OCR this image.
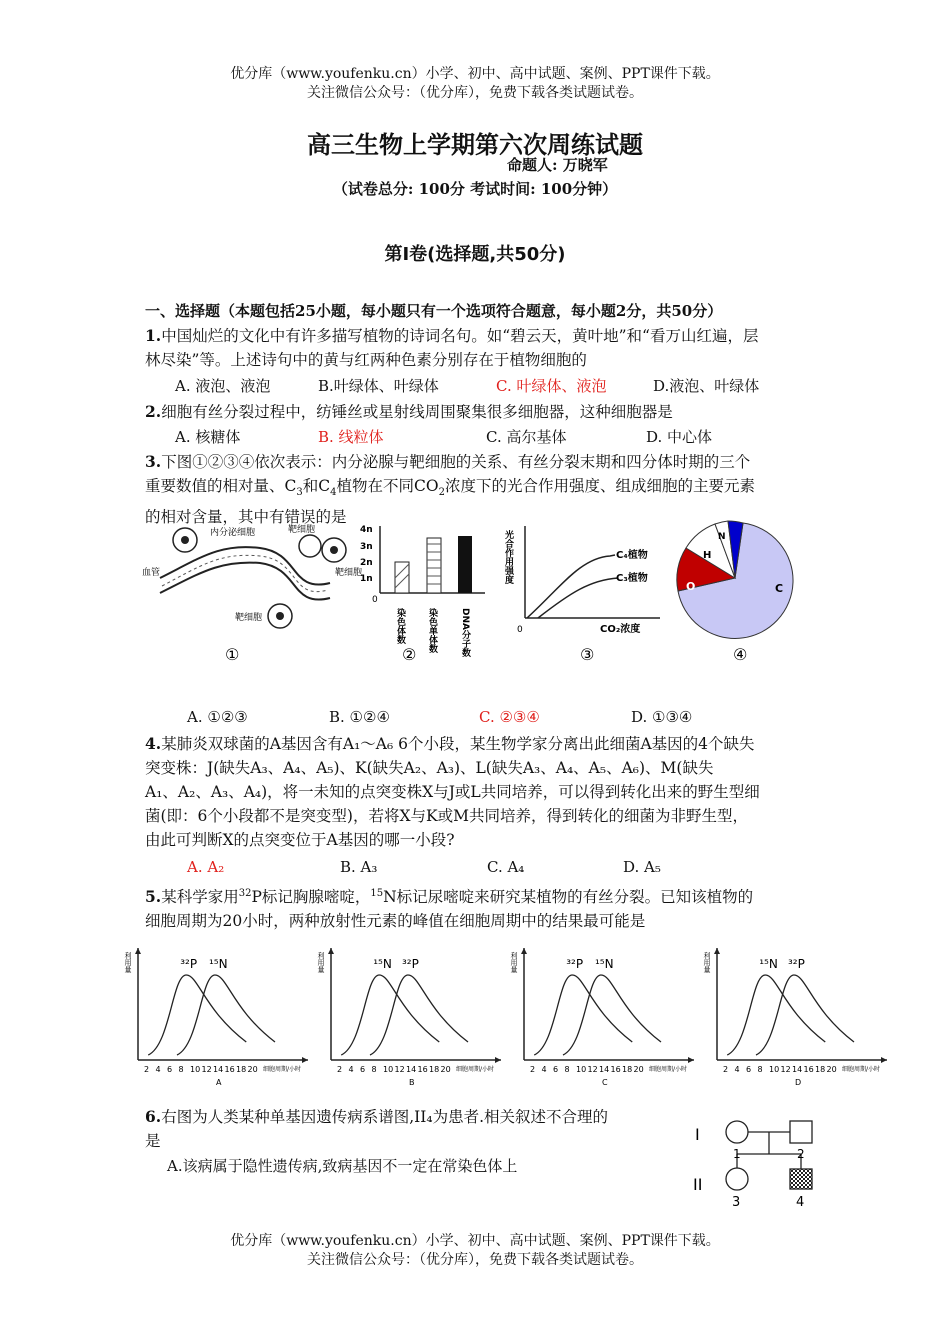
优分库（www.youfenku.cn）小学、初中、高中试题、案例、PPT课件下载。
关注微信公众号：（优分库），免费下载各类试题试卷。
高三生物上学期第六次周练试题
命题人: 万晓军
（试卷总分: 100分 考试时间: 100分钟）
第Ⅰ卷(选择题,共50分)
一、选择题（本题包括25小题，每小题只有一个选项符合题意，每小题2分，共50分）
1.中国灿烂的文化中有许多描写植物的诗词名句。如“碧云天，黄叶地”和“看万山红遍，层
林尽染”等。上述诗句中的黄与红两种色素分别存在于植物细胞的
A. 液泡、液泡	B.叶绿体、叶绿体	C. 叶绿体、液泡	D.液泡、叶绿体
2.细胞有丝分裂过程中，纺锤丝或星射线周围聚集很多细胞器，这种细胞器是
A. 核糖体	B. 线粒体	C. 高尔基体	D. 中心体
3.下图①②③④依次表示：内分泌腺与靶细胞的关系、有丝分裂末期和四分体时期的三个
重要数值的相对量、$C_3$和$C_4$植物在不同$CO_2$浓度下的光合作用强度、组成细胞的主要元素
的相对含量，其中有错误的是
内分泌细胞	靶细胞
靶细胞
血管
靶细胞
①
4n
3n
2n
1n
0
染色体数 染色单体数	DNA分子数
②
光合作用强度
CO₂浓度
0
C₄植物
C₃植物
③
C
O
H
N
④
A. ①②③	B. ①②④	C. ②③④	D. ①③④
4.某肺炎双球菌的A基因含有A₁～A₆ 6个小段，某生物学家分离出此细菌A基因的4个缺失
突变株：J(缺失A₃、A₄、A₅)、K(缺失A₂、A₃)、L(缺失A₃、A₄、A₅、A₆)、M(缺失
A₁、A₂、A₃、A₄)，将一未知的点突变株X与J或L共同培养，可以得到转化出来的野生型细
菌(即：6个小段都不是突变型)，若将X与K或M共同培养，得到转化的细菌为非野生型，
由此可判断X的点突变位于A基因的哪一小段?
A. A₂	B. A₃	C. A₄	D. A₅
5.某科学家用$^{32}$P标记胸腺嘧啶，$^{15}$N标记尿嘧啶来研究某植物的有丝分裂。已知该植物的
细胞周期为20小时，两种放射性元素的峰值在细胞周期中的结果最可能是
利用量
2 4 6 8 10 12 14 16 18 20 细胞周期/小时
A
³²P ¹⁵N	利用量
2 4 6 8 10 12 14 16 18 20 细胞周期/小时
B
¹⁵N ³²P	利用量
2 4 6 8 10 12 14 16 18 20 细胞周期/小时
C
³²P ¹⁵N	利用量
2 4 6 8 10 12 14 16 18 20 细胞周期/小时
D
¹⁵N ³²P
6.右图为人类某种单基因遗传病系谱图,II₄为患者.相关叙述不合理的
是
A.该病属于隐性遗传病,致病基因不一定在常染色体上
I
II
1	2
3	4
优分库（www.youfenku.cn）小学、初中、高中试题、案例、PPT课件下载。
关注微信公众号：（优分库），免费下载各类试题试卷。
